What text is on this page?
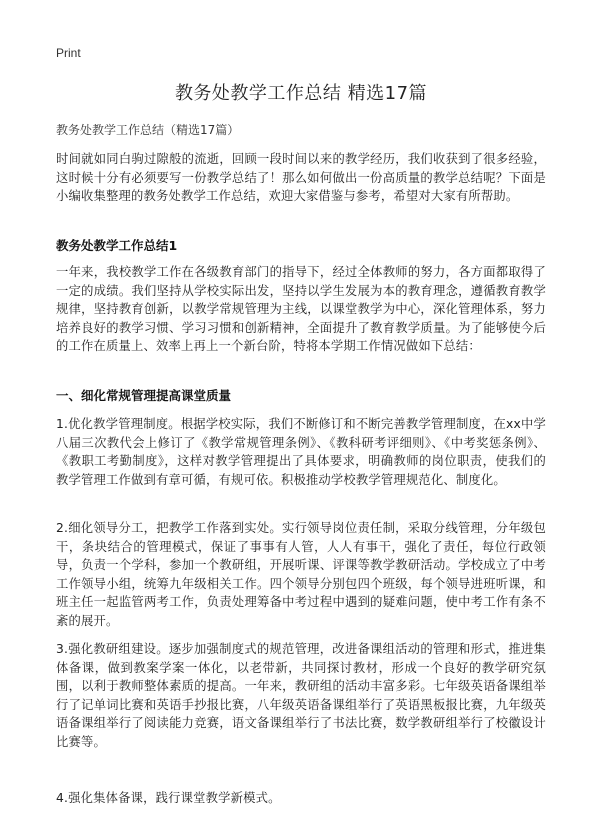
Print
教务处教学工作总结 精选17篇

教务处教学工作总结（精选17篇）

时间就如同白驹过隙般的流逝，回顾一段时间以来的教学经历，我们收获到了很多经验，这时候十分有必须要写一份教学总结了！那么如何做出一份高质量的教学总结呢？下面是小编收集整理的教务处教学工作总结，欢迎大家借鉴与参考，希望对大家有所帮助。

教务处教学工作总结1

一年来，我校教学工作在各级教育部门的指导下，经过全体教师的努力，各方面都取得了一定的成绩。我们坚持从学校实际出发，坚持以学生发展为本的教育理念，遵循教育教学规律，坚持教育创新，以教学常规管理为主线，以课堂教学为中心，深化管理体系，努力培养良好的教学习惯、学习习惯和创新精神，全面提升了教育教学质量。为了能够使今后的工作在质量上、效率上再上一个新台阶，特将本学期工作情况做如下总结：

一、细化常规管理提高课堂质量

1.优化教学管理制度。根据学校实际，我们不断修订和不断完善教学管理制度，在xx中学八届三次教代会上修订了《教学常规管理条例》、《教科研考评细则》、《中考奖惩条例》、《教职工考勤制度》，这样对教学管理提出了具体要求，明确教师的岗位职责，使我们的教学管理工作做到有章可循，有规可依。积极推动学校教学管理规范化、制度化。

2.细化领导分工，把教学工作落到实处。实行领导岗位责任制，采取分线管理，分年级包干，条块结合的管理模式，保证了事事有人管，人人有事干，强化了责任，每位行政领导，负责一个学科，参加一个教研组，开展听课、评课等教学教研活动。学校成立了中考工作领导小组，统筹九年级相关工作。四个领导分别包四个班级，每个领导进班听课，和班主任一起监管两考工作，负责处理筹备中考过程中遇到的疑难问题，使中考工作有条不紊的展开。

3.强化教研组建设。逐步加强制度式的规范管理，改进备课组活动的管理和形式，推进集体备课，做到教案学案一体化，以老带新，共同探讨教材，形成一个良好的教学研究氛围，以利于教师整体素质的提高。一年来，教研组的活动丰富多彩。七年级英语备课组举行了记单词比赛和英语手抄报比赛，八年级英语备课组举行了英语黑板报比赛，九年级英语备课组举行了阅读能力竞赛，语文备课组举行了书法比赛，数学教研组举行了校徽设计比赛等。

4.强化集体备课，践行课堂教学新模式。
